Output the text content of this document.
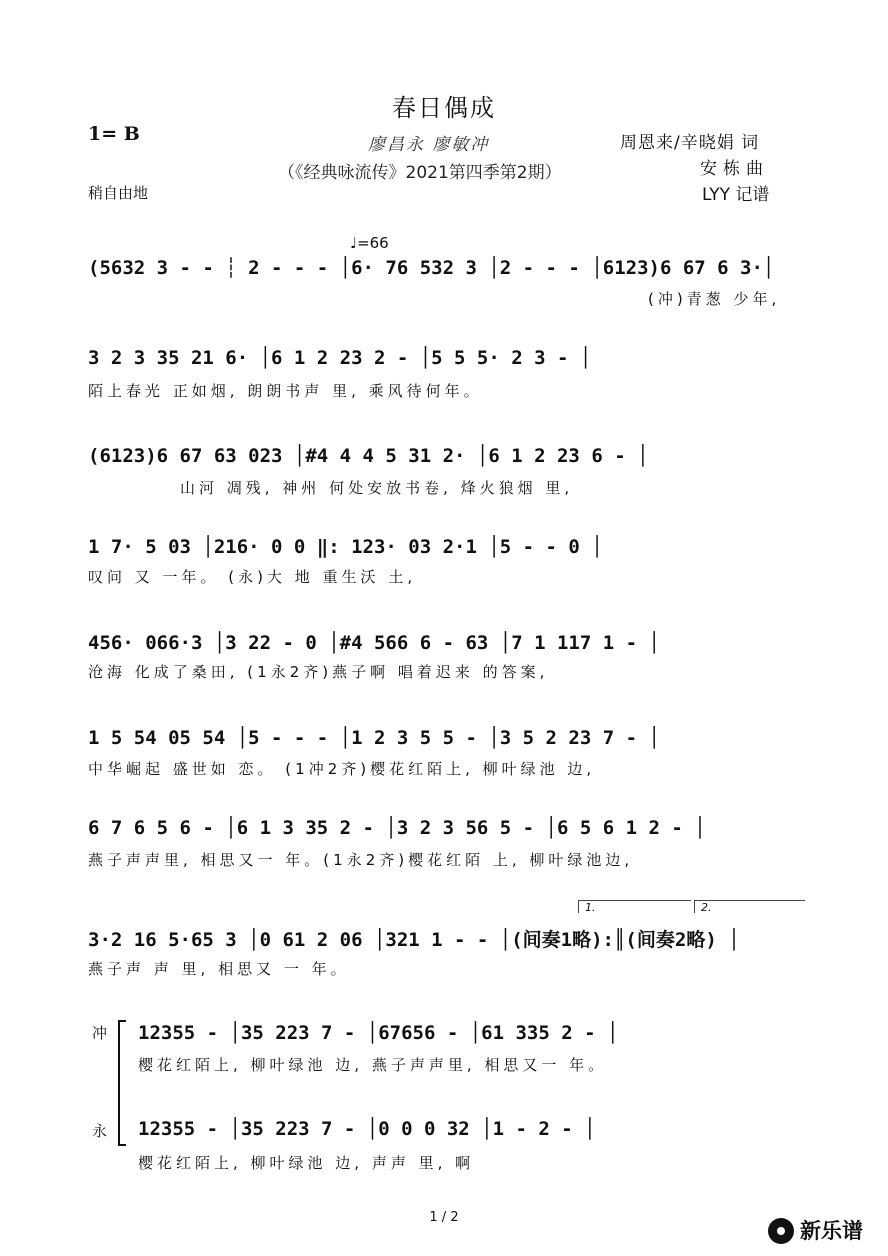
春日偶成
1= B
稍自由地
廖昌永 廖敏冲
（《经典咏流传》2021第四季第2期）
周恩来/辛晓娟 词
安栋曲
LYY 记谱
♩=66
(5632 3 - - ┆ 2 - - - │6· 76 532 3 │2 - - - │6123)6 67 6 3·│
(冲)青葱 少年,
3 2 3 35 21 6· │6 1 2 23 2 - │5 5 5· 2 3 - │
陌上春光 正如烟, 朗朗书声 里, 乘风待何年。
(6123)6 67 63 023 │#4 4 4 5 31 2· │6 1 2 23 6 - │
山河 凋残, 神州 何处安放书卷, 烽火狼烟 里,
1 7· 5 03 │216· 0 0 ‖: 123· 03 2·1 │5 - - 0 │
叹问 又 一年。 (永)大 地 重生沃 土,
456· 066·3 │3 22 - 0 │#4 566 6 - 63 │7 1 117 1 - │
沧海 化成了桑田, (1永2齐)燕子啊 唱着迟来 的答案,
1 5 54 05 54 │5 - - - │1 2 3 5 5 - │3 5 2 23 7 - │
中华崛起 盛世如 恋。 (1冲2齐)樱花红陌上, 柳叶绿池 边,
6 7 6 5 6 - │6 1 3 35 2 - │3 2 3 56 5 - │6 5 6 1 2 - │
燕子声声里, 相思又一 年。(1永2齐)樱花红陌 上, 柳叶绿池边,
1.	2.
3·2 16 5·65 3 │0 61 2 06 │321 1 - - │(间奏1略):║(间奏2略) │
燕子声 声 里, 相思又 一 年。
冲 12355 - │35 223 7 - │67656 - │61 335 2 - │
樱花红陌上, 柳叶绿池 边, 燕子声声里, 相思又一 年。
永 12355 - │35 223 7 - │0 0 0 32 │1 - 2 - │
樱花红陌上, 柳叶绿池 边, 声声 里, 啊
1 / 2
新乐谱
